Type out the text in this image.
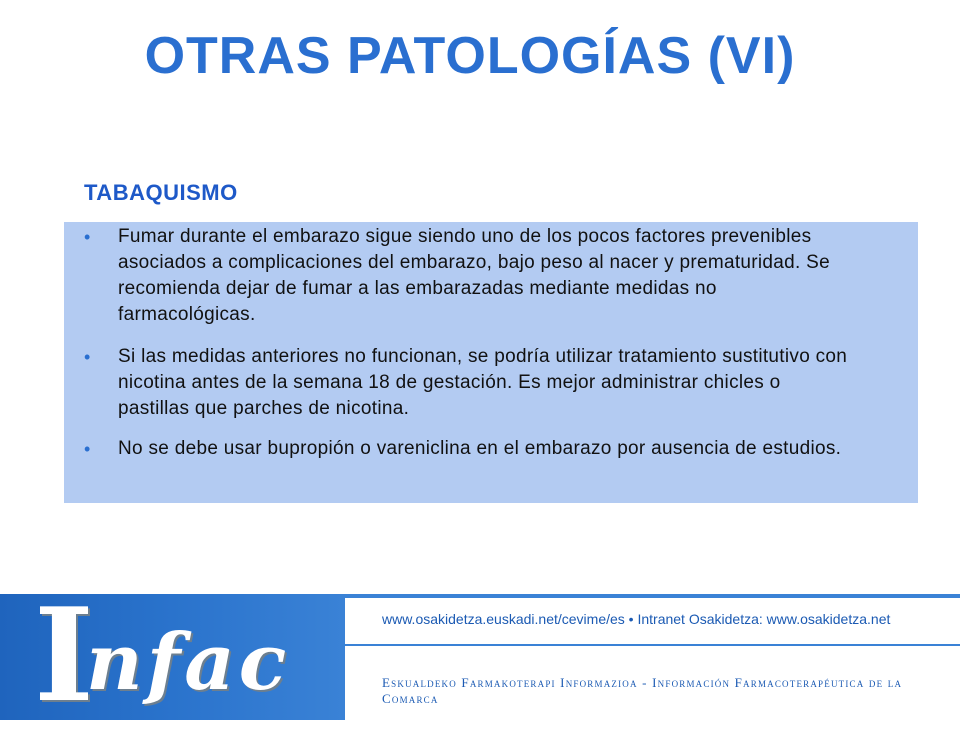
OTRAS PATOLOGÍAS (VI)
TABAQUISMO
• Fumar durante el embarazo sigue siendo uno de los pocos factores prevenibles asociados a complicaciones del embarazo, bajo peso al nacer y prematuridad. Se recomienda dejar de fumar a las embarazadas mediante medidas no farmacológicas.
• Si las medidas anteriores no funcionan, se podría utilizar tratamiento sustitutivo con nicotina antes de la semana 18 de gestación. Es mejor administrar chicles o pastillas que parches de nicotina.
• No se debe usar bupropión o vareniclina en el embarazo por ausencia de estudios.
I
nfac	www.osakidetza.euskadi.net/cevime/es • Intranet Osakidetza: www.osakidetza.net
Eskualdeko Farmakoterapi Informazioa - Información Farmacoterapéutica de la Comarca
